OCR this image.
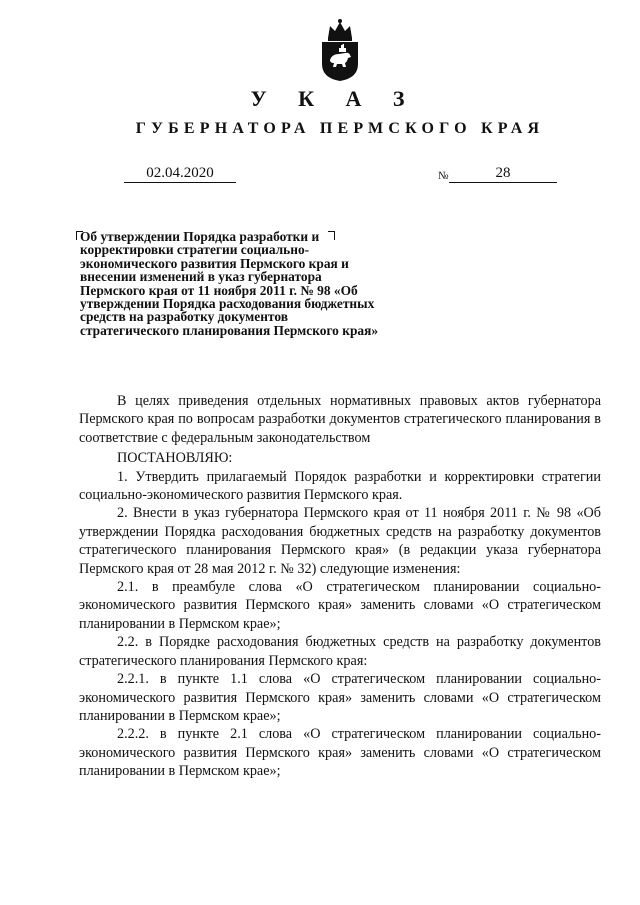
У К А З
ГУБЕРНАТОРА ПЕРМСКОГО КРАЯ
02.04.2020	№	28
Об утверждении Порядка разработки и корректировки стратегии социально-экономического развития Пермского края и внесении изменений в указ губернатора Пермского края от 11 ноября 2011 г. № 98 «Об утверждении Порядка расходования бюджетных средств на разработку документов стратегического планирования Пермского края»

В целях приведения отдельных нормативных правовых актов губернатора Пермского края по вопросам разработки документов стратегического планирования в соответствие с федеральным законодательством

ПОСТАНОВЛЯЮ:

1. Утвердить прилагаемый Порядок разработки и корректировки стратегии социально-экономического развития Пермского края.

2. Внести в указ губернатора Пермского края от 11 ноября 2011 г. № 98 «Об утверждении Порядка расходования бюджетных средств на разработку документов стратегического планирования Пермского края» (в редакции указа губернатора Пермского края от 28 мая 2012 г. № 32) следующие изменения:

2.1. в преамбуле слова «О стратегическом планировании социально-экономического развития Пермского края» заменить словами «О стратегическом планировании в Пермском крае»;

2.2. в Порядке расходования бюджетных средств на разработку документов стратегического планирования Пермского края:

2.2.1. в пункте 1.1 слова «О стратегическом планировании социально-экономического развития Пермского края» заменить словами «О стратегическом планировании в Пермском крае»;

2.2.2. в пункте 2.1 слова «О стратегическом планировании социально-экономического развития Пермского края» заменить словами «О стратегическом планировании в Пермском крае»;
